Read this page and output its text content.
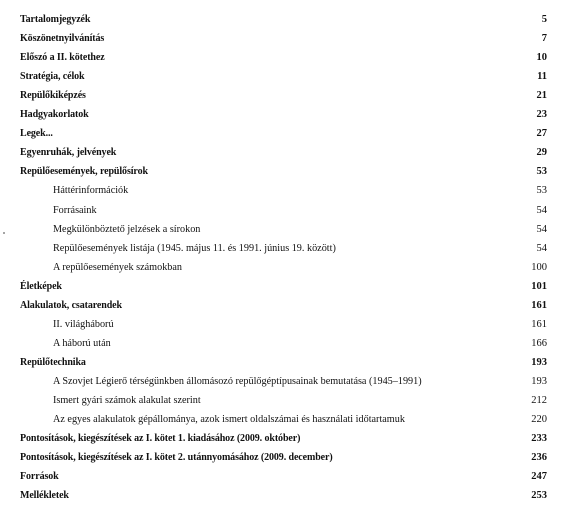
Tartalomjegyzék	5
Köszönetnyilvánítás	7
Előszó a II. kötethez	10
Stratégia, célok	11
Repülőkiképzés	21
Hadgyakorlatok	23
Legek...	27
Egyenruhák, jelvények	29
Repülőesemények, repülősírok	53
Háttérinformációk	53
Forrásaink	54
Megkülönböztető jelzések a sírokon	54
Repülőesemények listája (1945. május 11. és 1991. június 19. között)	54
A repülőesemények számokban	100
Életképek	101
Alakulatok, csatarendek	161
II. világháború	161
A háború után	166
Repülőtechnika	193
A Szovjet Légierő térségünkben állomásozó repülőgéptípusainak bemutatása (1945–1991)	193
Ismert gyári számok alakulat szerint	212
Az egyes alakulatok gépállománya, azok ismert oldalszámai és használati időtartamuk	220
Pontosítások, kiegészítések az I. kötet 1. kiadásához (2009. október)	233
Pontosítások, kiegészítések az I. kötet 2. utánnyomásához (2009. december)	236
Források	247
Mellékletek	253
